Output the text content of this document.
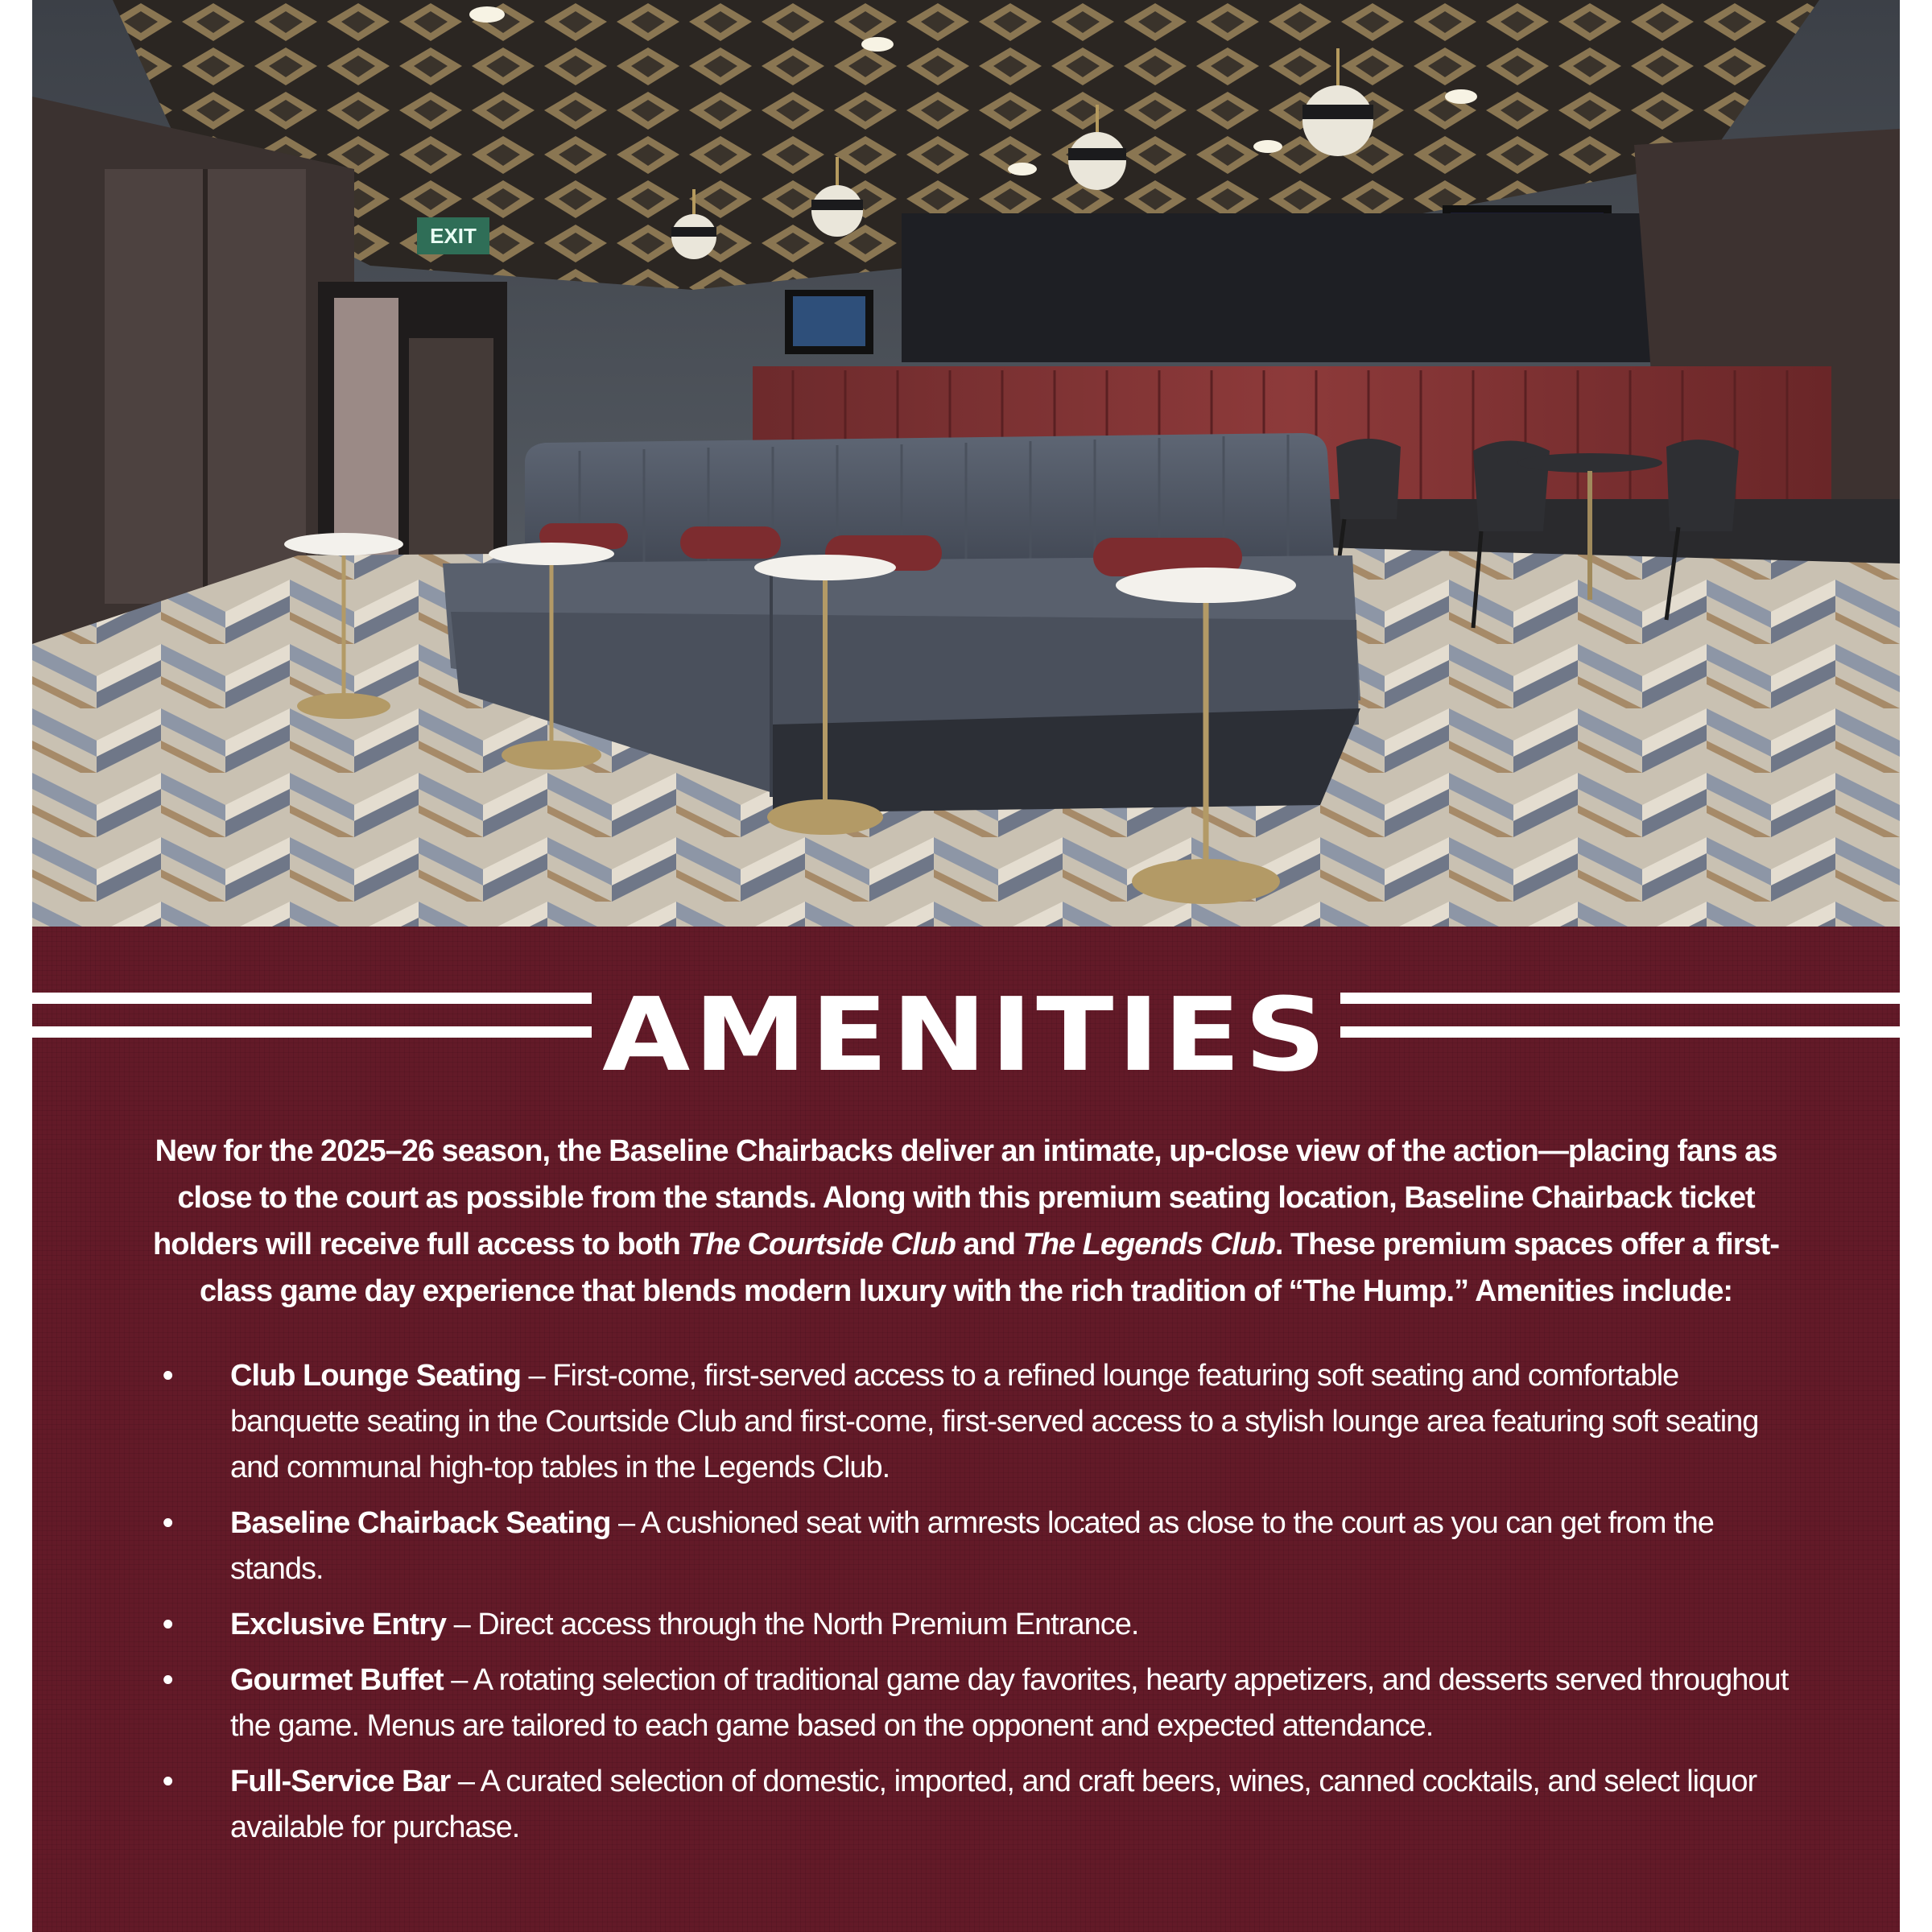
EXIT
AMENITIES
New for the 2025–26 season, the Baseline Chairbacks deliver an intimate, up-close view of the action—placing fans as close to the court as possible from the stands. Along with this premium seating location, Baseline Chairback ticket holders will receive full access to both The Courtside Club and The Legends Club. These premium spaces offer a first-class game day experience that blends modern luxury with the rich tradition of “The Hump.” Amenities include:
• Club Lounge Seating – First-come, first-served access to a refined lounge featuring soft seating and comfortable banquette seating in the Courtside Club and first-come, first-served access to a stylish lounge area featuring soft seating and communal high-top tables in the Legends Club.
• Baseline Chairback Seating – A cushioned seat with armrests located as close to the court as you can get from the stands.
• Exclusive Entry – Direct access through the North Premium Entrance.
• Gourmet Buffet – A rotating selection of traditional game day favorites, hearty appetizers, and desserts served throughout the game. Menus are tailored to each game based on the opponent and expected attendance.
• Full-Service Bar – A curated selection of domestic, imported, and craft beers, wines, canned cocktails, and select liquor available for purchase.
